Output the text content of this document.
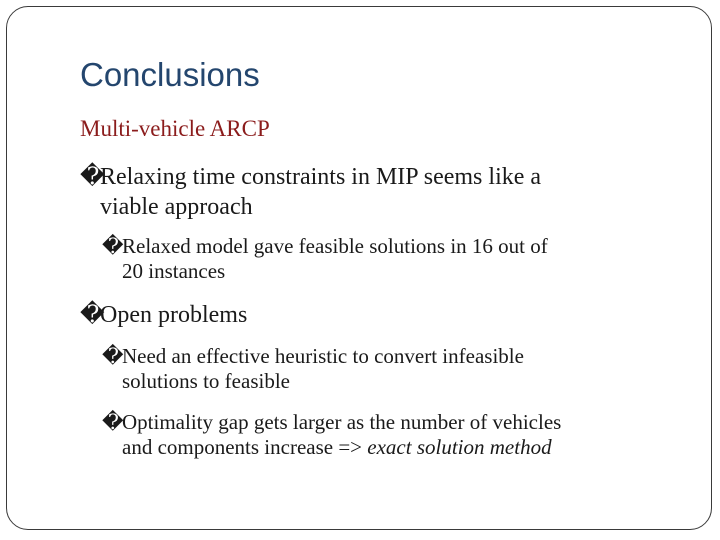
Conclusions
Multi-vehicle ARCP
�Relaxing time constraints in MIP seems like a
viable approach
�Relaxed model gave feasible solutions in 16 out of
20 instances
�Open problems
�Need an effective heuristic to convert infeasible
solutions to feasible
�Optimality gap gets larger as the number of vehicles
and components increase => exact solution method
